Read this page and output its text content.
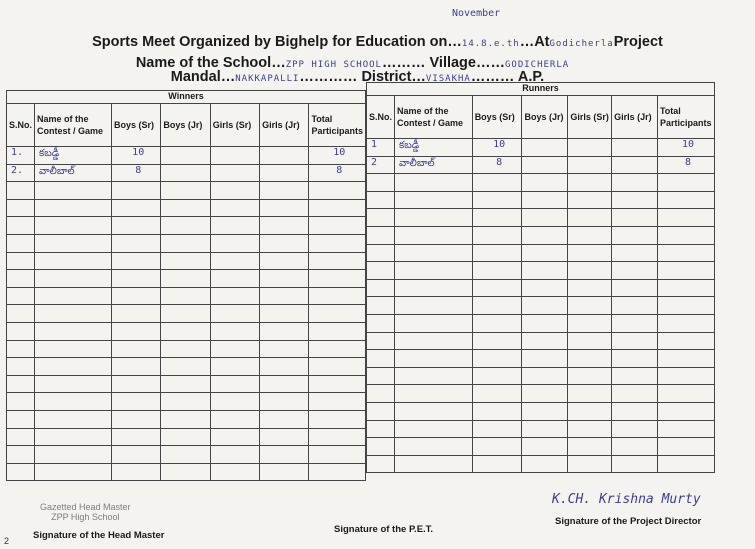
Sports Meet Organized by Bighelp for Education on…14.8.e.th…AtGodicherlaProject
November
Name of the School…ZPP HIGH SCHOOL……… Village……GODICHERLA
Mandal…NAKKAPALLI………… District…VISAKHA……… A.P.
Winners						
S.No.	Name of the Contest / Game	Boys (Sr)	Boys (Jr)	Girls (Sr)	Girls (Jr)	Total Participants
1.	కబడ్డీ	10				10
2.	వాలీబాల్	8				8

Runners						
S.No.	Name of the Contest / Game	Boys (Sr)	Boys (Jr)	Girls (Sr)	Girls (Jr)	Total Participants
1	కబడ్డీ	10				10
2	వాలీబాల్	8				8

Gazetted Head Master
ZPP High School
Signature of the Head Master
Signature of the P.E.T.
K.CH. Krishna Murty
Signature of the Project Director
2
